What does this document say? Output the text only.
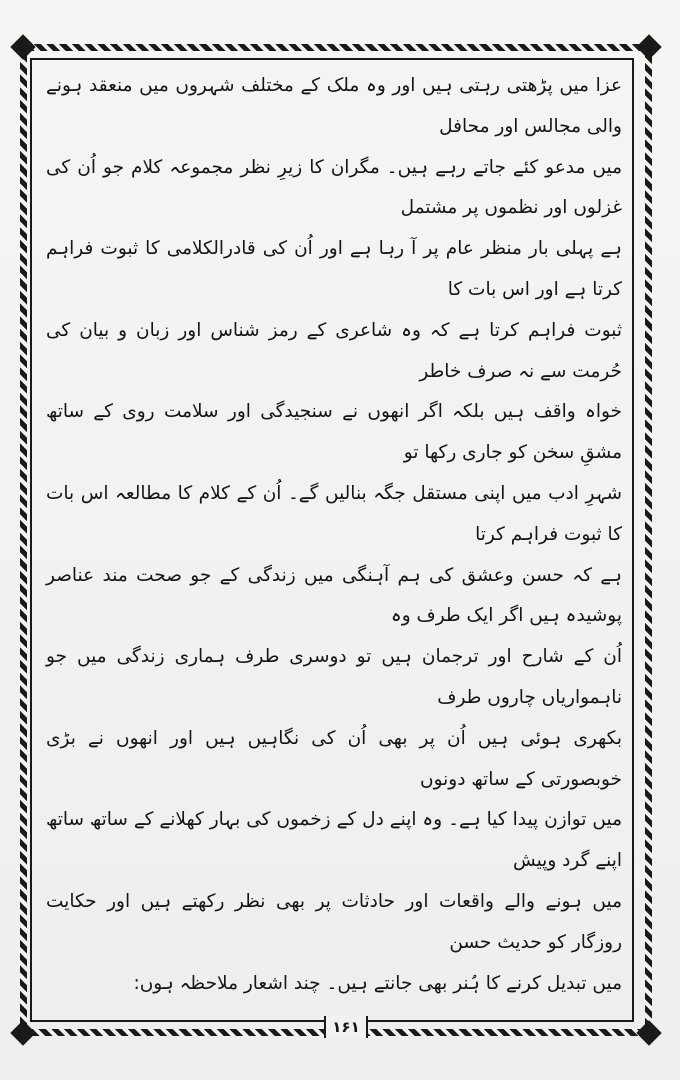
عزا میں پڑھتی رہتی ہیں اور وہ ملک کے مختلف شہروں میں منعقد ہونے والی مجالس اور محافل

میں مدعو کئے جاتے رہے ہیں۔ مگران کا زیرِ نظر مجموعہ کلام جو اُن کی غزلوں اور نظموں پر مشتمل

ہے پہلی بار منظر عام پر آ رہا ہے اور اُن کی قادرالکلامی کا ثبوت فراہم کرتا ہے اور اس بات کا

ثبوت فراہم کرتا ہے کہ وہ شاعری کے رمز شناس اور زبان و بیان کی حُرمت سے نہ صرف خاطر

خواہ واقف ہیں بلکہ اگر انھوں نے سنجیدگی اور سلامت روی کے ساتھ مشقِ سخن کو جاری رکھا تو

شہرِ ادب میں اپنی مستقل جگہ بنالیں گے۔ اُن کے کلام کا مطالعہ اس بات کا ثبوت فراہم کرتا

ہے کہ حسن وعشق کی ہم آہنگی میں زندگی کے جو صحت مند عناصر پوشیدہ ہیں اگر ایک طرف وہ

اُن کے شارح اور ترجمان ہیں تو دوسری طرف ہماری زندگی میں جو ناہمواریاں چاروں طرف

بکھری ہوئی ہیں اُن پر بھی اُن کی نگاہیں ہیں اور انھوں نے بڑی خوبصورتی کے ساتھ دونوں

میں توازن پیدا کیا ہے۔ وہ اپنے دل کے زخموں کی بہار کھلانے کے ساتھ ساتھ اپنے گرد وپیش

میں ہونے والے واقعات اور حادثات پر بھی نظر رکھتے ہیں اور حکایت روزگار کو حدیث حسن

میں تبدیل کرنے کا ہُنر بھی جانتے ہیں۔ چند اشعار ملاحظہ ہوں:

۱۶۱
